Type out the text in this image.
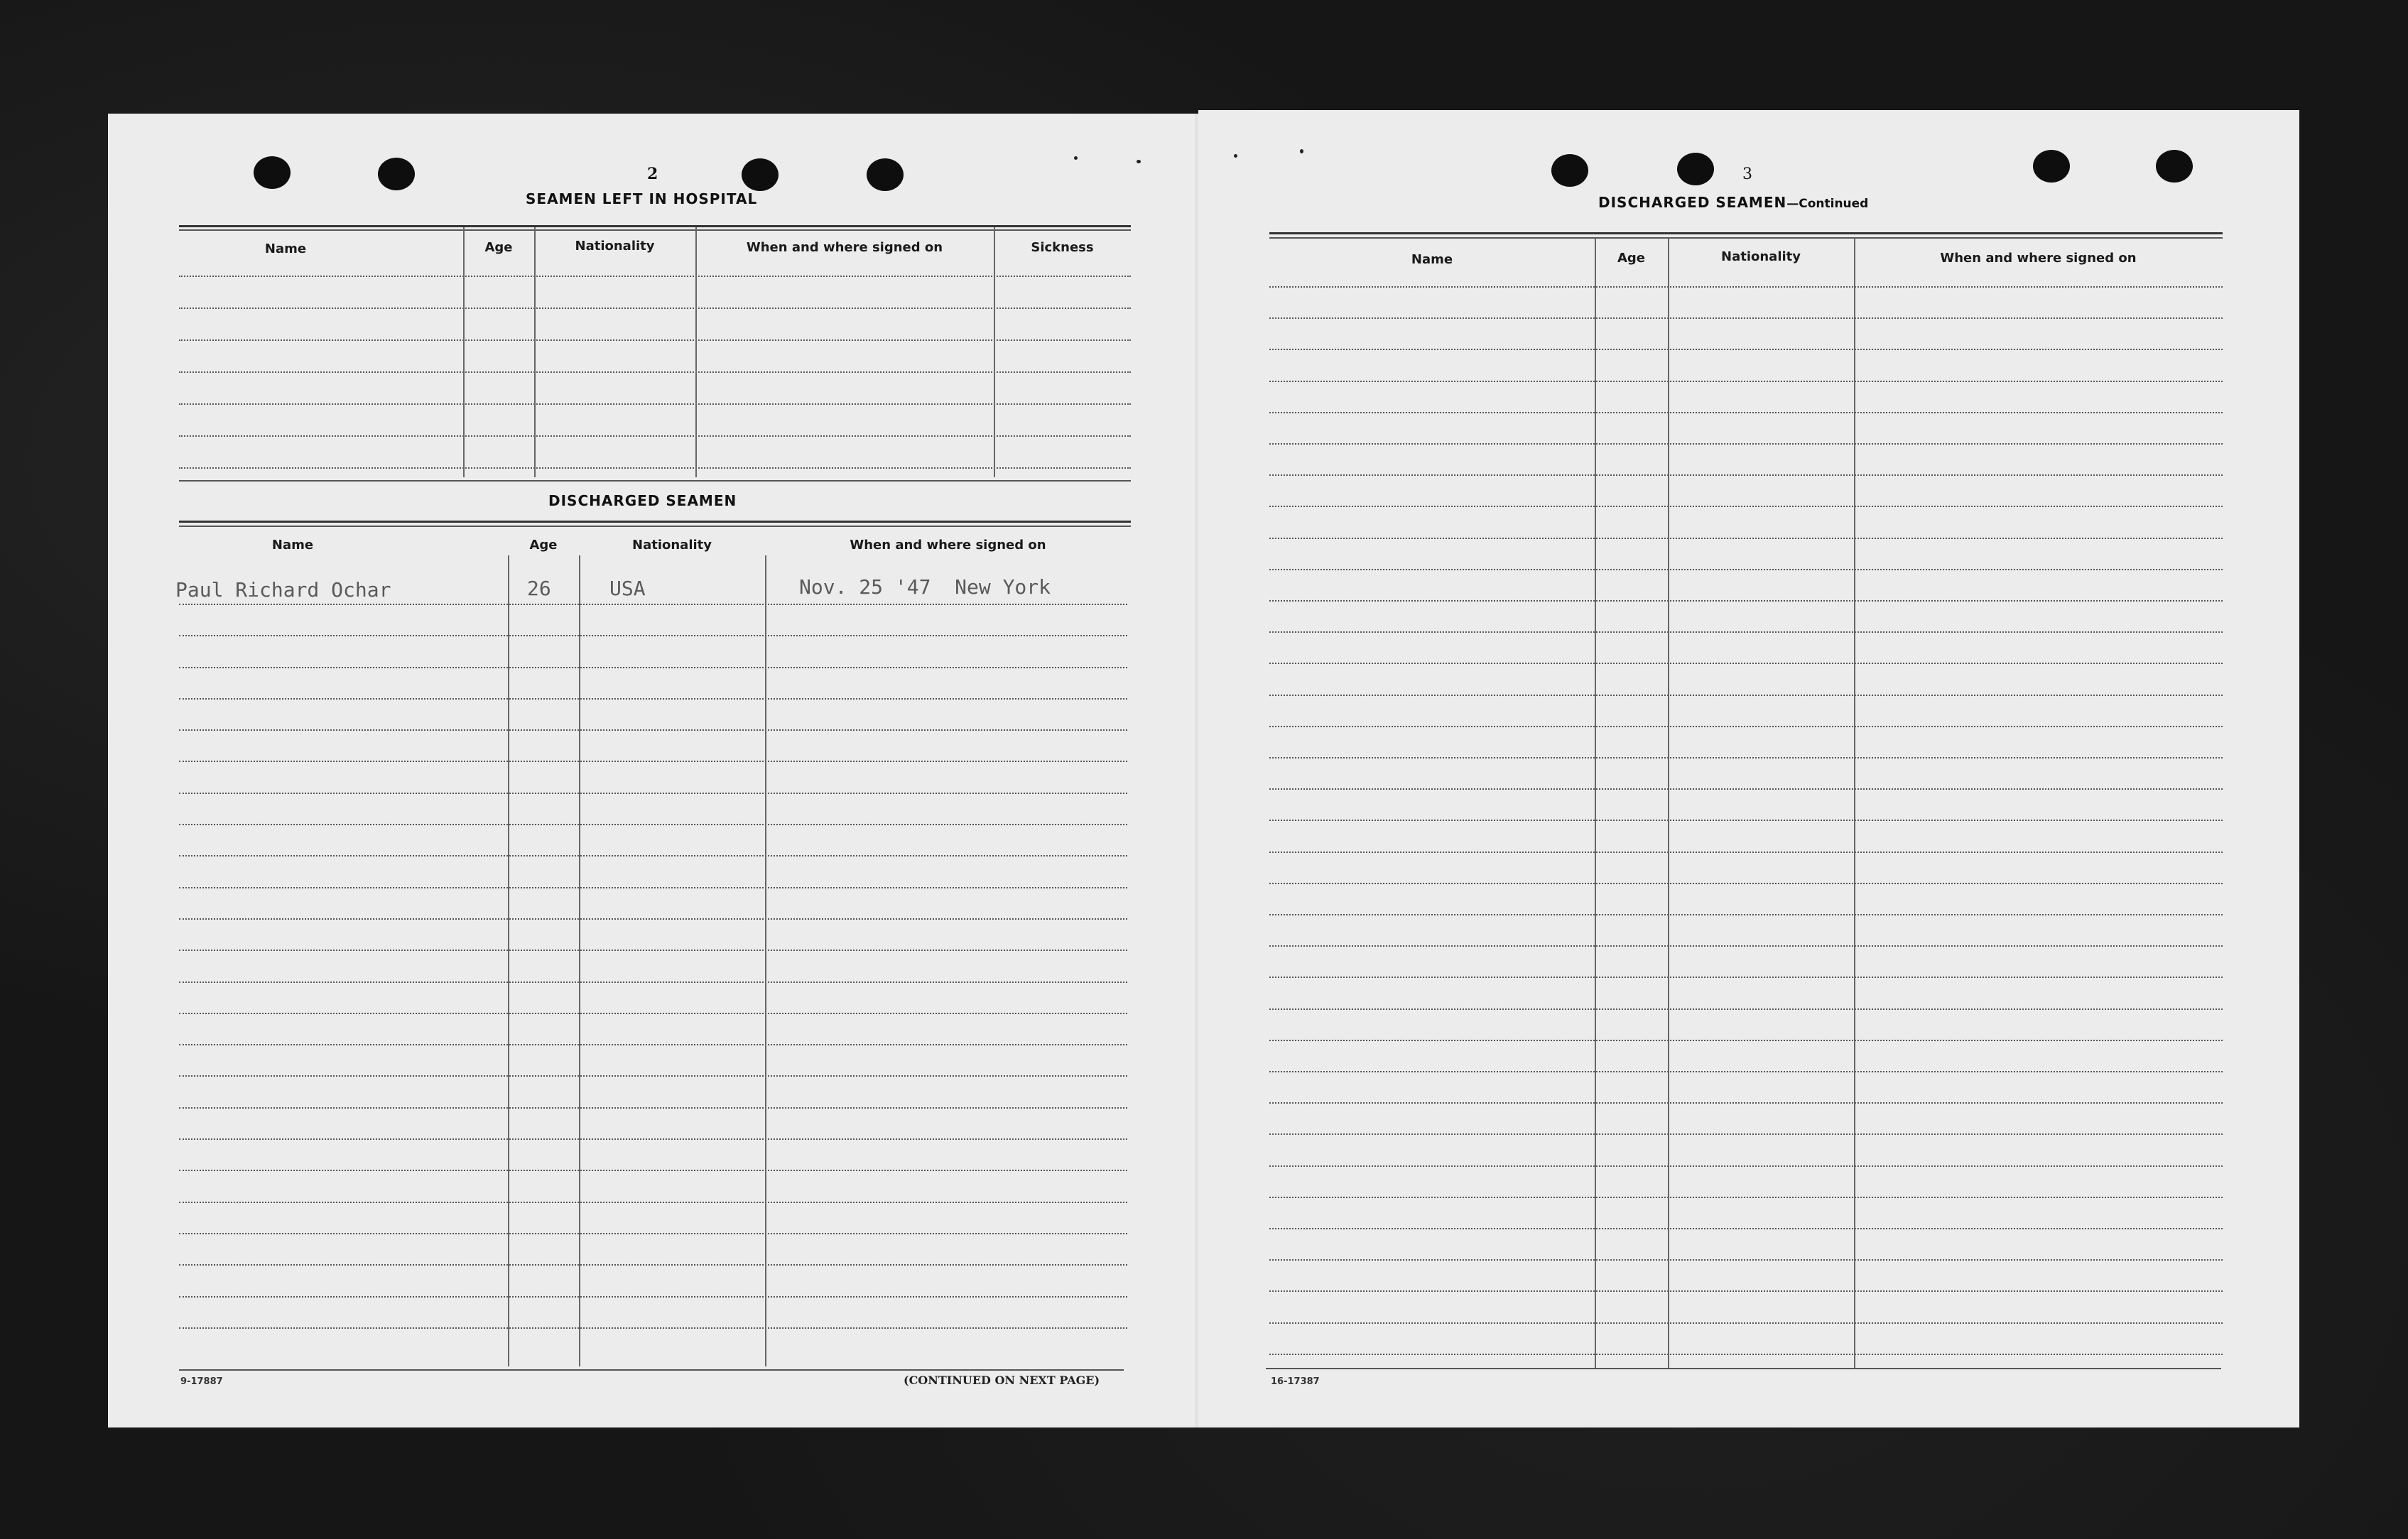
2
SEAMEN LEFT IN HOSPITAL
Name	Age	Nationality	When and where signed on	Sickness
DISCHARGED SEAMEN
Name	Age	Nationality	When and where signed on
Paul Richard Ochar	26	USA	Nov. 25 '47  New York
9-17887	(CONTINUED ON NEXT PAGE)
3
DISCHARGED SEAMEN—Continued
Name	Age	Nationality	When and where signed on
16-17387
